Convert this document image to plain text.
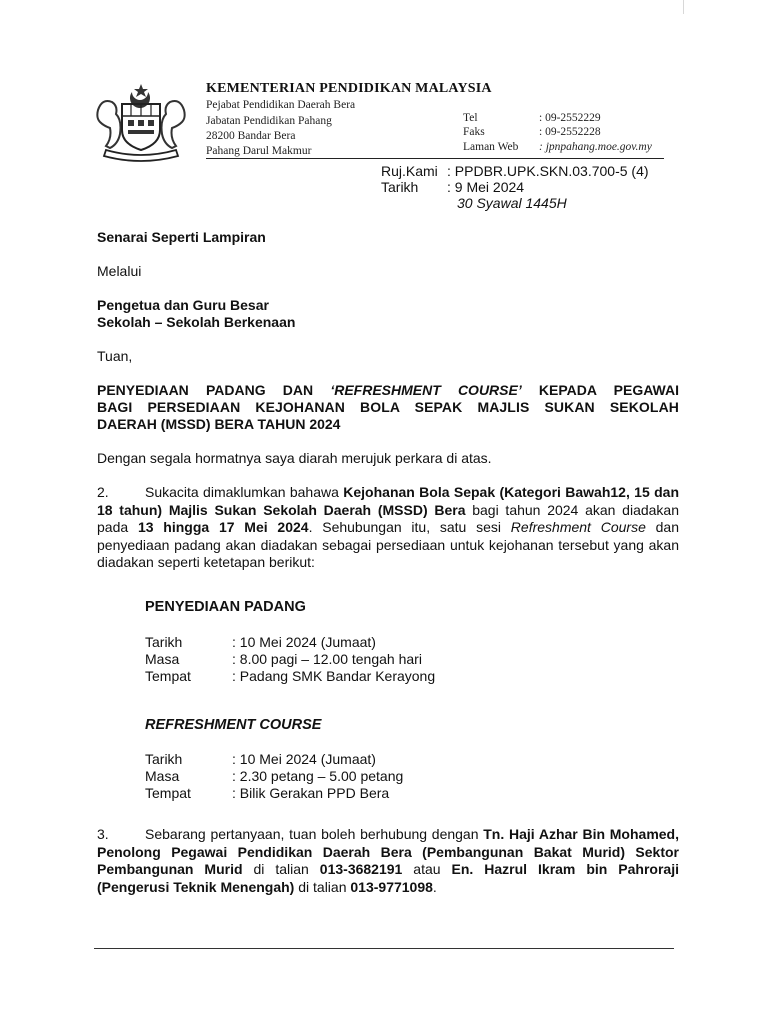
KEMENTERIAN PENDIDIKAN MALAYSIA
Pejabat Pendidikan Daerah Bera
Jabatan Pendidikan Pahang
28200 Bandar Bera
Pahang Darul Makmur
Tel	: 09-2552229
Faks	: 09-2552228
Laman Web : jpnpahang.moe.gov.my
Ruj.Kami : PPDBR.UPK.SKN.03.700-5 (4)
Tarikh : 9 Mei 2024
30 Syawal 1445H
Senarai Seperti Lampiran
Melalui
Pengetua dan Guru Besar
Sekolah – Sekolah Berkenaan
Tuan,
PENYEDIAAN PADANG DAN ‘REFRESHMENT COURSE’ KEPADA PEGAWAI
BAGI PERSEDIAAN KEJOHANAN BOLA SEPAK MAJLIS SUKAN SEKOLAH
DAERAH (MSSD) BERA TAHUN 2024
Dengan segala hormatnya saya diarah merujuk perkara di atas.
2.	Sukacita dimaklumkan bahawa Kejohanan Bola Sepak (Kategori Bawah12, 15 dan 18 tahun) Majlis Sukan Sekolah Daerah (MSSD) Bera bagi tahun 2024 akan diadakan pada 13 hingga 17 Mei 2024. Sehubungan itu, satu sesi Refreshment Course dan penyediaan padang akan diadakan sebagai persediaan untuk kejohanan tersebut yang akan diadakan seperti ketetapan berikut:
PENYEDIAAN PADANG
Tarikh	: 10 Mei 2024 (Jumaat)
Masa	: 8.00 pagi – 12.00 tengah hari
Tempat	: Padang SMK Bandar Kerayong
REFRESHMENT COURSE
Tarikh	: 10 Mei 2024 (Jumaat)
Masa	: 2.30 petang – 5.00 petang
Tempat	: Bilik Gerakan PPD Bera
3.	Sebarang pertanyaan, tuan boleh berhubung dengan Tn. Haji Azhar Bin Mohamed, Penolong Pegawai Pendidikan Daerah Bera (Pembangunan Bakat Murid) Sektor Pembangunan Murid di talian 013-3682191 atau En. Hazrul Ikram bin Pahroraji (Pengerusi Teknik Menengah) di talian 013-9771098.
